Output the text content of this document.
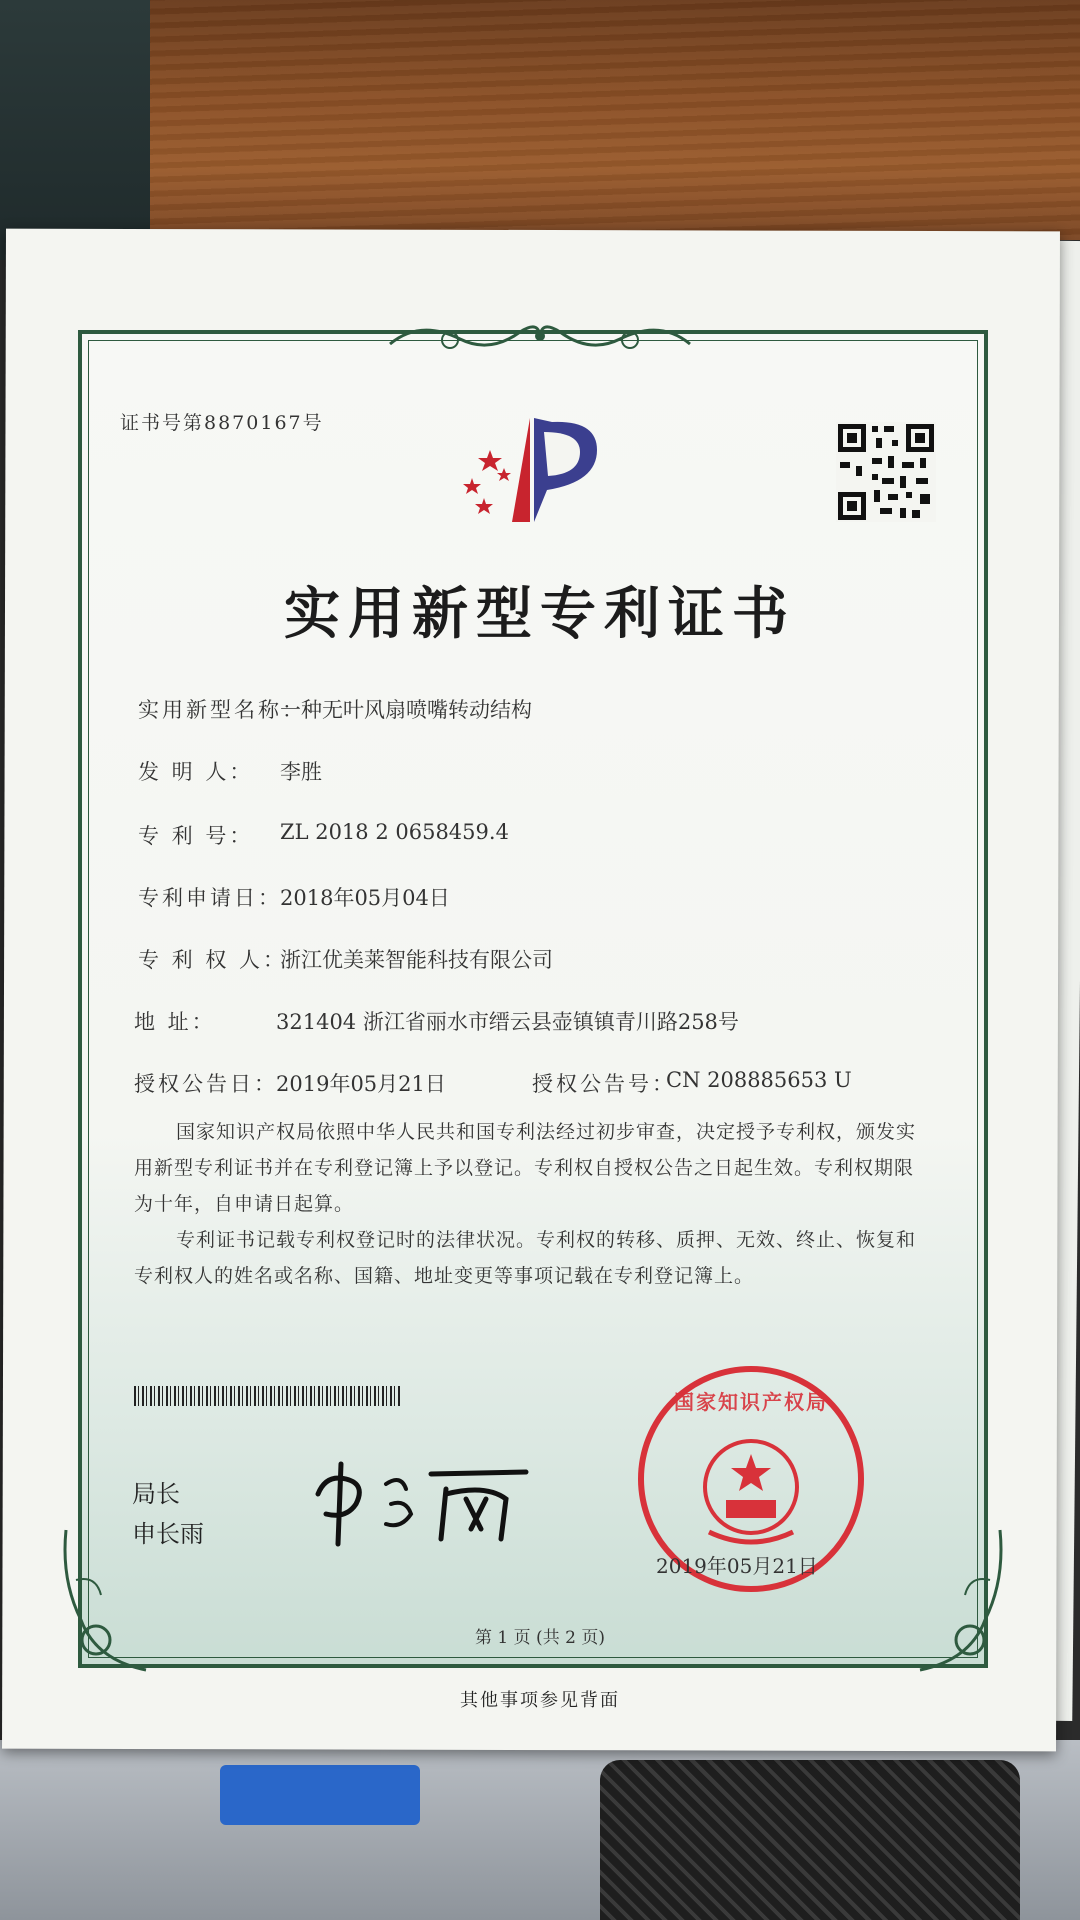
证书号第8870167号
实用新型专利证书
实用新型名称：
一种无叶风扇喷嘴转动结构
发 明 人： 李胜
专 利 号： ZL 2018 2 0658459.4
专利申请日：
2018年05月04日
专 利 权 人：
浙江优美莱智能科技有限公司
地 址：	321404 浙江省丽水市缙云县壶镇镇青川路258号
授权公告日：
2019年05月21日	授权公告号：
CN 208885653 U
国家知识产权局依照中华人民共和国专利法经过初步审查，决定授予专利权，颁发实用新型专利证书并在专利登记簿上予以登记。专利权自授权公告之日起生效。专利权期限为十年，自申请日起算。
专利证书记载专利权登记时的法律状况。专利权的转移、质押、无效、终止、恢复和专利权人的姓名或名称、国籍、地址变更等事项记载在专利登记簿上。
局长
申长雨
国家知识产权局
2019年05月21日
第 1 页 (共 2 页)
其他事项参见背面
